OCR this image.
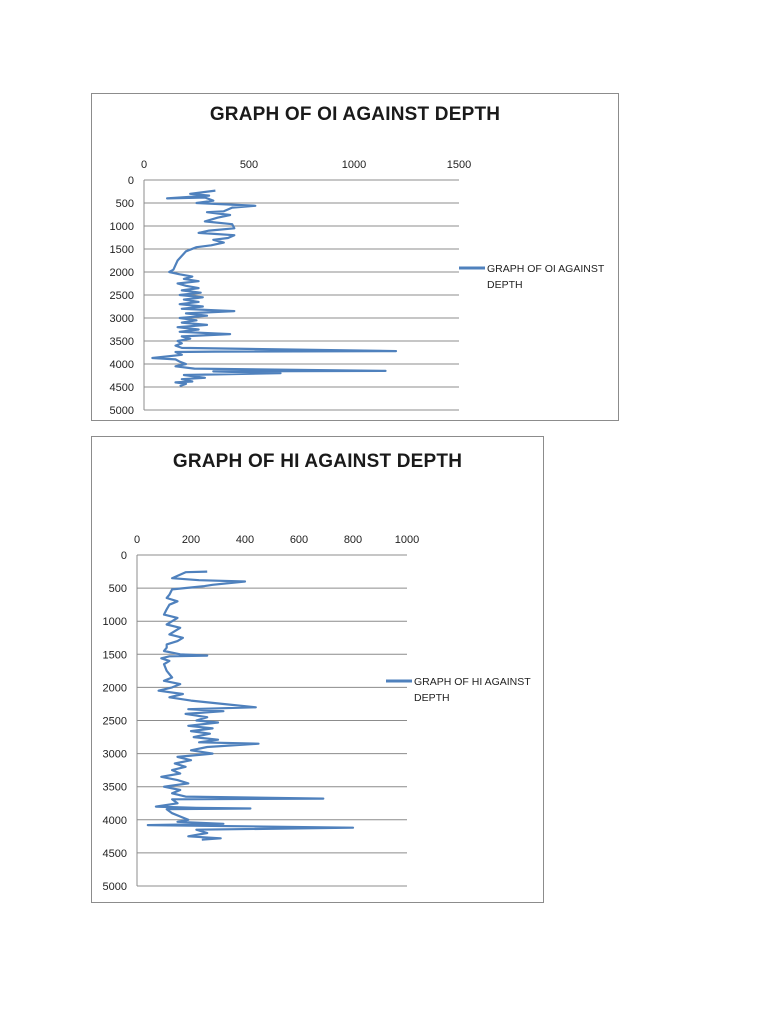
GRAPH OF OI AGAINST DEPTH
0
500
1000
1500
2000
2500
3000
3500
4000
4500
5000
0	500	1000	1500
GRAPH OF OI AGAINST DEPTH
GRAPH OF HI AGAINST DEPTH
0
500
1000
1500
2000
2500
3000
3500
4000
4500
5000
0	200	400	600	800	1000
GRAPH OF HI AGAINST DEPTH
